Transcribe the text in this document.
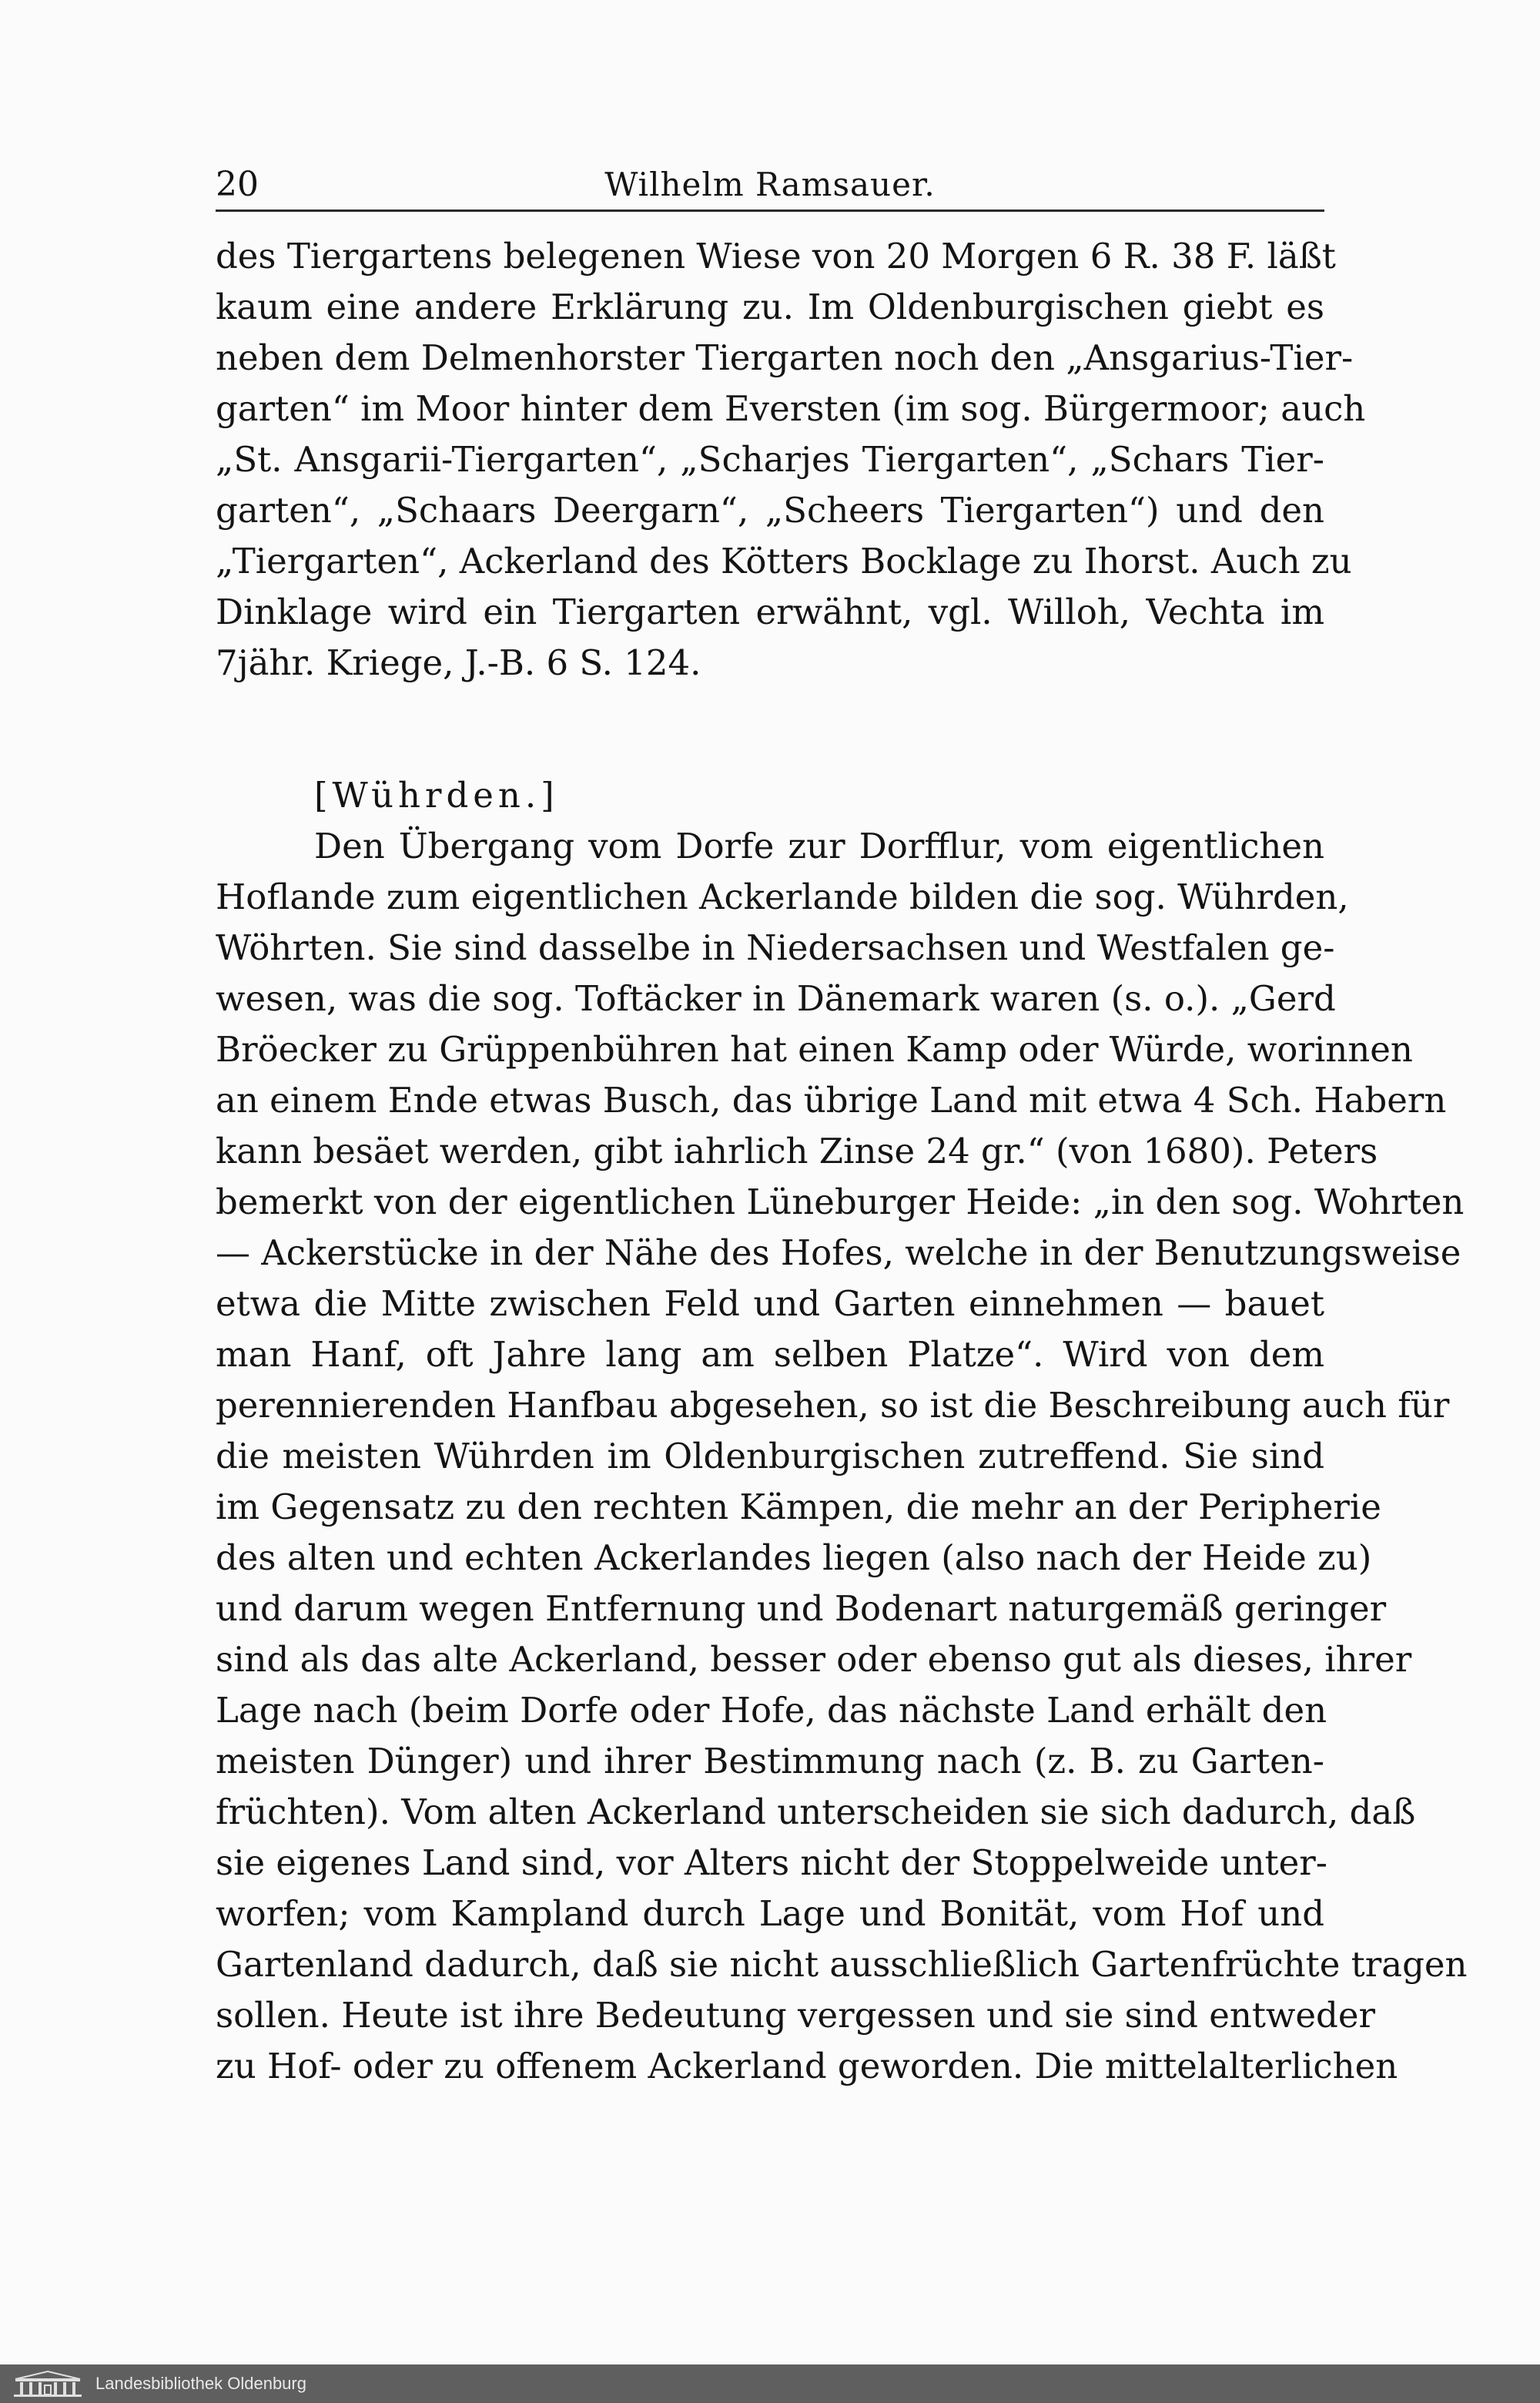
20	Wilhelm Ramsauer.
des Tiergartens belegenen Wiese von 20 Morgen 6 R. 38 F. läßt
kaum eine andere Erklärung zu. Im Oldenburgischen giebt es
neben dem Delmenhorster Tiergarten noch den „Ansgarius-Tier-
garten“ im Moor hinter dem Eversten (im sog. Bürgermoor; auch
„St. Ansgarii-Tiergarten“, „Scharjes Tiergarten“, „Schars Tier-
garten“, „Schaars Deergarn“, „Scheers Tiergarten“) und den
„Tiergarten“, Ackerland des Kötters Bocklage zu Ihorst. Auch zu
Dinklage wird ein Tiergarten erwähnt, vgl. Willoh, Vechta im
7jähr. Kriege, J.-B. 6 S. 124.
[Wührden.]
Den Übergang vom Dorfe zur Dorfflur, vom eigentlichen
Hoflande zum eigentlichen Ackerlande bilden die sog. Wührden,
Wöhrten. Sie sind dasselbe in Niedersachsen und Westfalen ge-
wesen, was die sog. Toftäcker in Dänemark waren (s. o.). „Gerd
Bröecker zu Grüppenbühren hat einen Kamp oder Würde, worinnen
an einem Ende etwas Busch, das übrige Land mit etwa 4 Sch. Habern
kann besäet werden, gibt iahrlich Zinse 24 gr.“ (von 1680). Peters
bemerkt von der eigentlichen Lüneburger Heide: „in den sog. Wohrten
— Ackerstücke in der Nähe des Hofes, welche in der Benutzungsweise
etwa die Mitte zwischen Feld und Garten einnehmen — bauet
man Hanf, oft Jahre lang am selben Platze“. Wird von dem
perennierenden Hanfbau abgesehen, so ist die Beschreibung auch für
die meisten Wührden im Oldenburgischen zutreffend. Sie sind
im Gegensatz zu den rechten Kämpen, die mehr an der Peripherie
des alten und echten Ackerlandes liegen (also nach der Heide zu)
und darum wegen Entfernung und Bodenart naturgemäß geringer
sind als das alte Ackerland, besser oder ebenso gut als dieses, ihrer
Lage nach (beim Dorfe oder Hofe, das nächste Land erhält den
meisten Dünger) und ihrer Bestimmung nach (z. B. zu Garten-
früchten). Vom alten Ackerland unterscheiden sie sich dadurch, daß
sie eigenes Land sind, vor Alters nicht der Stoppelweide unter-
worfen; vom Kampland durch Lage und Bonität, vom Hof und
Gartenland dadurch, daß sie nicht ausschließlich Gartenfrüchte tragen
sollen. Heute ist ihre Bedeutung vergessen und sie sind entweder
zu Hof- oder zu offenem Ackerland geworden. Die mittelalterlichen
Landesbibliothek Oldenburg
